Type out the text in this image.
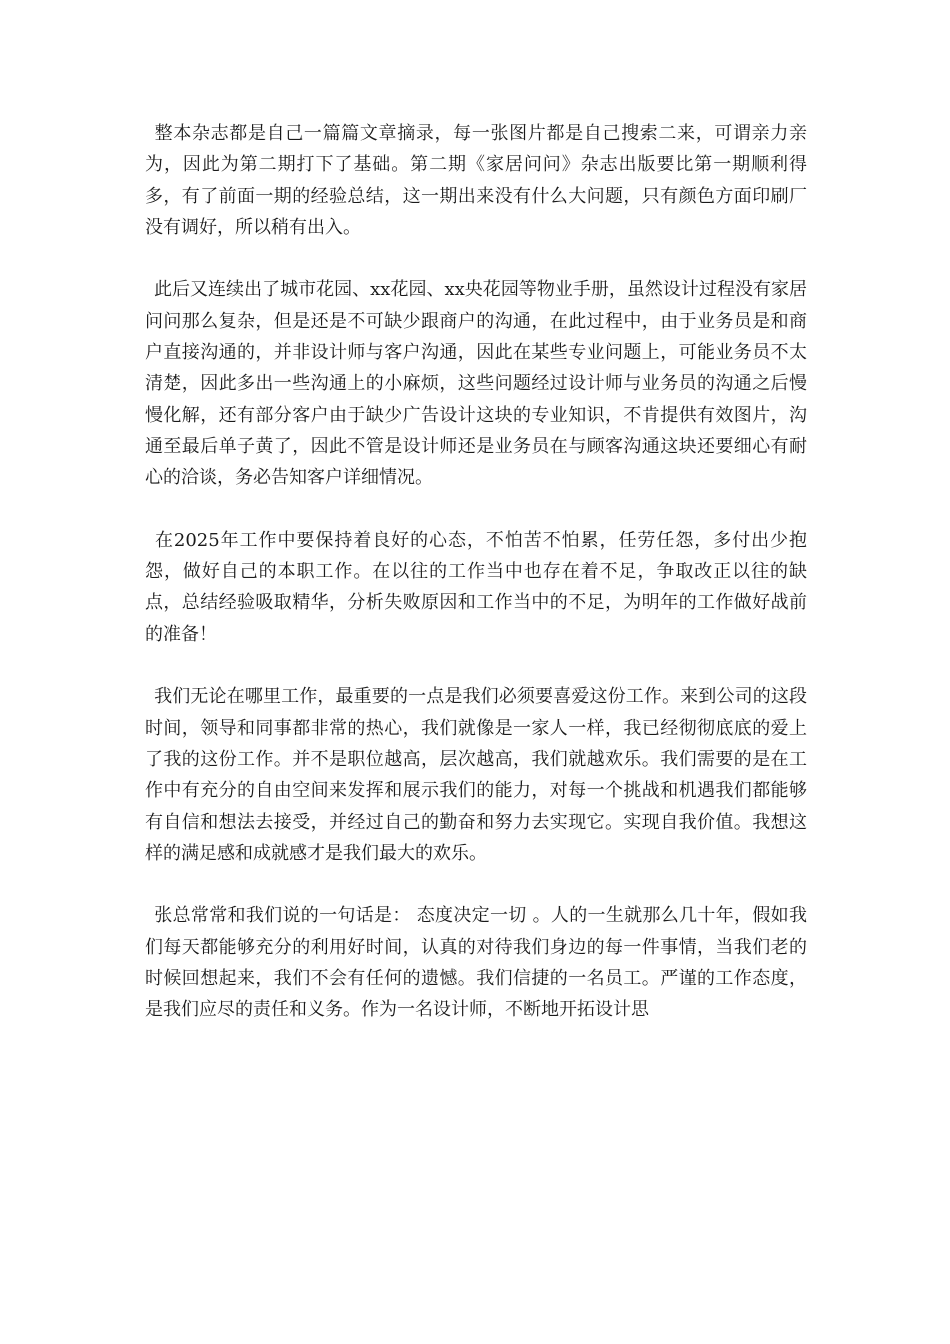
整本杂志都是自己一篇篇文章摘录，每一张图片都是自己搜索二来，可谓亲力亲为，因此为第二期打下了基础。第二期《家居问问》杂志出版要比第一期顺利得多，有了前面一期的经验总结，这一期出来没有什么大问题，只有颜色方面印刷厂没有调好，所以稍有出入。

此后又连续出了城市花园、xx花园、xx央花园等物业手册，虽然设计过程没有家居问问那么复杂，但是还是不可缺少跟商户的沟通，在此过程中，由于业务员是和商户直接沟通的，并非设计师与客户沟通，因此在某些专业问题上，可能业务员不太清楚，因此多出一些沟通上的小麻烦，这些问题经过设计师与业务员的沟通之后慢慢化解，还有部分客户由于缺少广告设计这块的专业知识，不肯提供有效图片，沟通至最后单子黄了，因此不管是设计师还是业务员在与顾客沟通这块还要细心有耐心的洽谈，务必告知客户详细情况。

在2025年工作中要保持着良好的心态，不怕苦不怕累，任劳任怨，多付出少抱怨，做好自己的本职工作。在以往的工作当中也存在着不足，争取改正以往的缺点，总结经验吸取精华，分析失败原因和工作当中的不足，为明年的工作做好战前的准备！

我们无论在哪里工作，最重要的一点是我们必须要喜爱这份工作。来到公司的这段时间，领导和同事都非常的热心，我们就像是一家人一样，我已经彻彻底底的爱上了我的这份工作。并不是职位越高，层次越高，我们就越欢乐。我们需要的是在工作中有充分的自由空间来发挥和展示我们的能力，对每一个挑战和机遇我们都能够有自信和想法去接受，并经过自己的勤奋和努力去实现它。实现自我价值。我想这样的满足感和成就感才是我们最大的欢乐。

张总常常和我们说的一句话是： 态度决定一切 。人的一生就那么几十年，假如我们每天都能够充分的利用好时间，认真的对待我们身边的每一件事情，当我们老的时候回想起来，我们不会有任何的遗憾。我们信捷的一名员工。严谨的工作态度，是我们应尽的责任和义务。作为一名设计师，不断地开拓设计思
